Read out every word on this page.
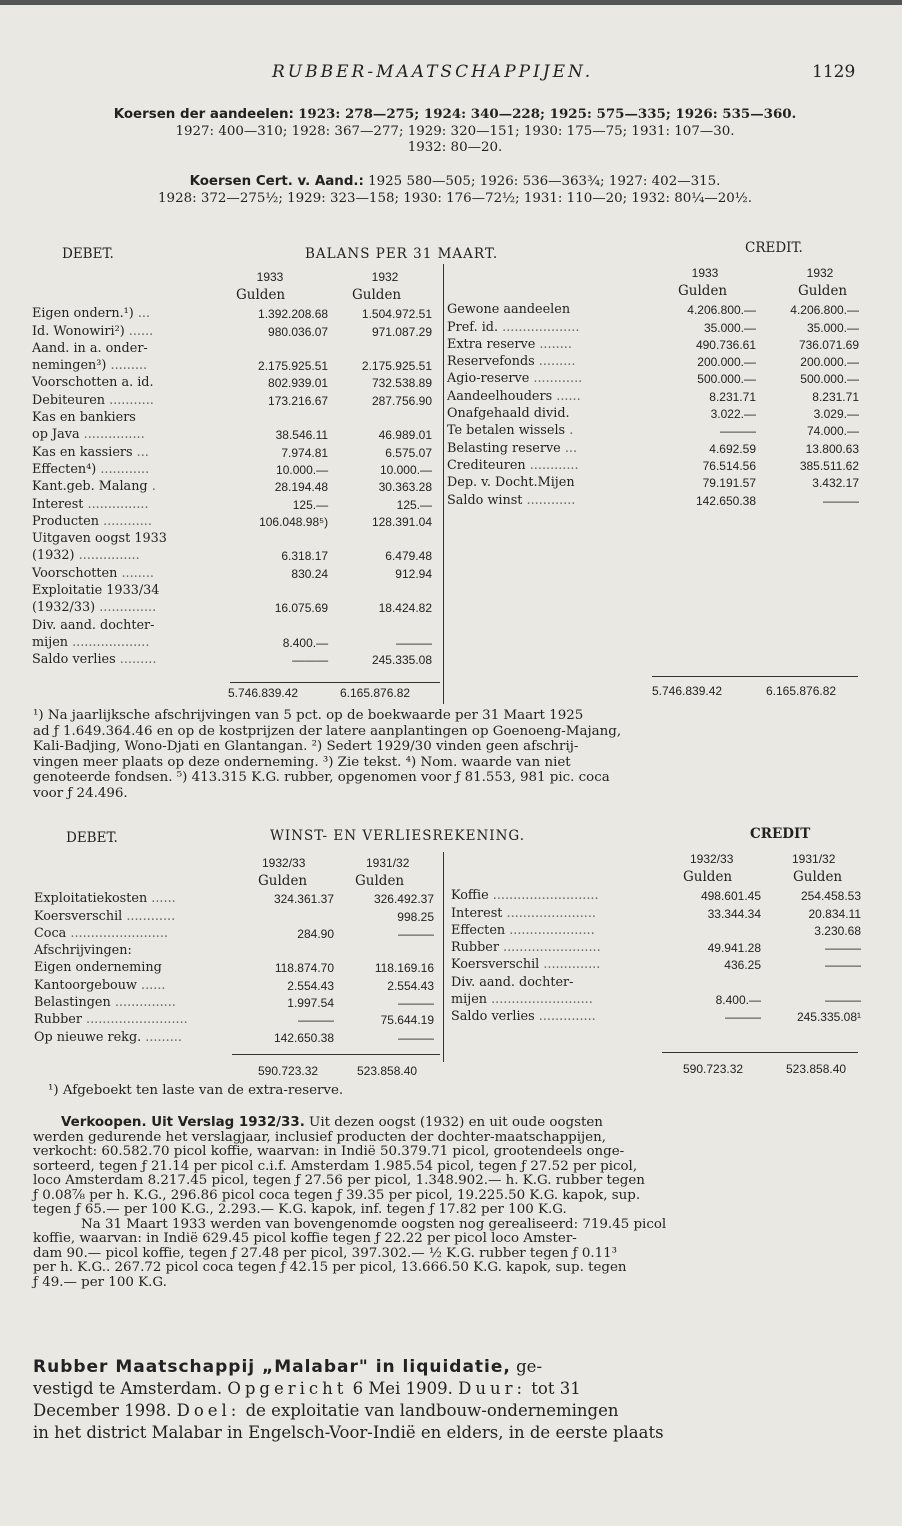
RUBBER-MAATSCHAPPIJEN.	1129
Koersen der aandeelen: 1923: 278—275; 1924: 340—228; 1925: 575—335; 1926: 535—360.
1927: 400—310; 1928: 367—277; 1929: 320—151; 1930: 175—75; 1931: 107—30.
1932: 80—20.
Koersen Cert. v. Aand.: 1925 580—505; 1926: 536—363¾; 1927: 402—315.
1928: 372—275½; 1929: 323—158; 1930: 176—72½; 1931: 110—20; 1932: 80¼—20½.
DEBET.	BALANS PER 31 MAART.	CREDIT.
1933	1932
Gulden	Gulden
1933	1932
Gulden	Gulden
Eigen ondern.¹) ...	1.392.208.68	1.504.972.51
Id. Wonowiri²) ......	980.036.07	971.087.29
Aand. in a. onder-		
nemingen³) .........	2.175.925.51	2.175.925.51
Voorschotten a. id.	802.939.01	732.538.89
Debiteuren ...........	173.216.67	287.756.90
Kas en bankiers		
op Java ...............	38.546.11	46.989.01
Kas en kassiers ...	7.974.81	6.575.07
Effecten⁴) ............	10.000.—	10.000.—
Kant.geb. Malang .	28.194.48	30.363.28
Interest ...............	125.—	125.—
Producten ............	106.048.98⁵)	128.391.04
Uitgaven oogst 1933		
(1932) ...............	6.318.17	6.479.48
Voorschotten ........	830.24	912.94
Exploitatie 1933/34		
(1932/33) ..............	16.075.69	18.424.82
Div. aand. dochter-		
mijen ...................	8.400.—	———
Saldo verlies .........	———	245.335.08
Gewone aandeelen	4.206.800.—	4.206.800.—
Pref. id. ...................	35.000.—	35.000.—
Extra reserve ........	490.736.61	736.071.69
Reservefonds .........	200.000.—	200.000.—
Agio-reserve ............	500.000.—	500.000.—
Aandeelhouders ......	8.231.71	8.231.71
Onafgehaald divid.	3.022.—	3.029.—
Te betalen wissels .	———	74.000.—
Belasting reserve ...	4.692.59	13.800.63
Crediteuren ............	76.514.56	385.511.62
Dep. v. Docht.Mijen	79.191.57	3.432.17
Saldo winst ............	142.650.38	———
5.746.839.42	6.165.876.82	5.746.839.42	6.165.876.82
¹) Na jaarlijksche afschrijvingen van 5 pct. op de boekwaarde per 31 Maart 1925
ad ƒ 1.649.364.46 en op de kostprijzen der latere aanplantingen op Goenoeng-Majang,
Kali-Badjing, Wono-Djati en Glantangan. ²) Sedert 1929/30 vinden geen afschrij-
vingen meer plaats op deze onderneming. ³) Zie tekst. ⁴) Nom. waarde van niet
genoteerde fondsen. ⁵) 413.315 K.G. rubber, opgenomen voor ƒ 81.553, 981 pic. coca
voor ƒ 24.496.
DEBET.	WINST- EN VERLIESREKENING.	CREDIT
1932/33	1931/32
Gulden	Gulden
1932/33	1931/32
Gulden	Gulden
Exploitatiekosten ......	324.361.37	326.492.37
Koersverschil ............		998.25
Coca ........................	284.90	———
Afschrijvingen:		
Eigen onderneming	118.874.70	118.169.16
Kantoorgebouw ......	2.554.43	2.554.43
Belastingen ...............	1.997.54	———
Rubber .........................	———	75.644.19
Op nieuwe rekg. .........	142.650.38	———
Koffie ..........................	498.601.45	254.458.53
Interest ......................	33.344.34	20.834.11
Effecten .....................		3.230.68
Rubber ........................	49.941.28	———
Koersverschil ..............	436.25	———
Div. aand. dochter-		
mijen .........................	8.400.—	———
Saldo verlies ..............	———	245.335.08¹
590.723.32	523.858.40	590.723.32	523.858.40
¹) Afgeboekt ten laste van de extra-reserve.
Verkoopen. Uit Verslag 1932/33. Uit dezen oogst (1932) en uit oude oogsten
werden gedurende het verslagjaar, inclusief producten der dochter-maatschappijen,
verkocht: 60.582.70 picol koffie, waarvan: in Indië 50.379.71 picol, grootendeels onge-
sorteerd, tegen ƒ 21.14 per picol c.i.f. Amsterdam 1.985.54 picol, tegen ƒ 27.52 per picol,
loco Amsterdam 8.217.45 picol, tegen ƒ 27.56 per picol, 1.348.902.— h. K.G. rubber tegen
ƒ 0.08⅞ per h. K.G., 296.86 picol coca tegen ƒ 39.35 per picol, 19.225.50 K.G. kapok, sup.
tegen ƒ 65.— per 100 K.G., 2.293.— K.G. kapok, inf. tegen ƒ 17.82 per 100 K.G.
Na 31 Maart 1933 werden van bovengenomde oogsten nog gerealiseerd: 719.45 picol
koffie, waarvan: in Indië 629.45 picol koffie tegen ƒ 22.22 per picol loco Amster-
dam 90.— picol koffie, tegen ƒ 27.48 per picol, 397.302.— ½ K.G. rubber tegen ƒ 0.11³
per h. K.G.. 267.72 picol coca tegen ƒ 42.15 per picol, 13.666.50 K.G. kapok, sup. tegen
ƒ 49.— per 100 K.G.
Rubber Maatschappij „Malabar" in liquidatie, ge-
vestigd te Amsterdam. Opgericht 6 Mei 1909. Duur: tot 31
December 1998. Doel: de exploitatie van landbouw-ondernemingen
in het district Malabar in Engelsch-Voor-Indië en elders, in de eerste plaats
